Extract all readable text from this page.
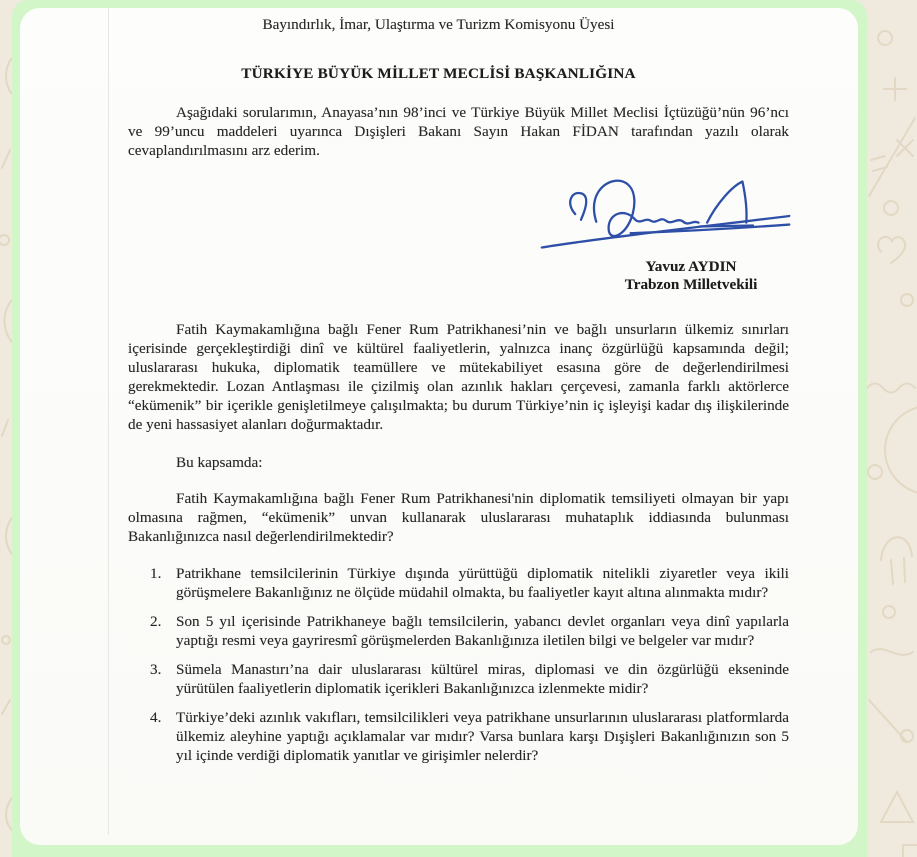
Bayındırlık, İmar, Ulaştırma ve Turizm Komisyonu Üyesi
TÜRKİYE BÜYÜK MİLLET MECLİSİ BAŞKANLIĞINA

Aşağıdaki sorularımın, Anayasa’nın 98’inci ve Türkiye Büyük Millet Meclisi İçtüzüğü’nün 96’ncı ve 99’uncu maddeleri uyarınca Dışişleri Bakanı Sayın Hakan FİDAN tarafından yazılı olarak cevaplandırılmasını arz ederim.

Yavuz AYDIN
Trabzon Milletvekili

Fatih Kaymakamlığına bağlı Fener Rum Patrikhanesi’nin ve bağlı unsurların ülkemiz sınırları içerisinde gerçekleştirdiği dinî ve kültürel faaliyetlerin, yalnızca inanç özgürlüğü kapsamında değil; uluslararası hukuka, diplomatik teamüllere ve mütekabiliyet esasına göre de değerlendirilmesi gerekmektedir. Lozan Antlaşması ile çizilmiş olan azınlık hakları çerçevesi, zamanla farklı aktörlerce “ekümenik” bir içerikle genişletilmeye çalışılmakta; bu durum Türkiye’nin iç işleyişi kadar dış ilişkilerinde de yeni hassasiyet alanları doğurmaktadır.

Bu kapsamda:

Fatih Kaymakamlığına bağlı Fener Rum Patrikhanesi'nin diplomatik temsiliyeti olmayan bir yapı olmasına rağmen, “ekümenik” unvan kullanarak uluslararası muhataplık iddiasında bulunması Bakanlığınızca nasıl değerlendirilmektedir?

1. Patrikhane temsilcilerinin Türkiye dışında yürüttüğü diplomatik nitelikli ziyaretler veya ikili görüşmelere Bakanlığınız ne ölçüde müdahil olmakta, bu faaliyetler kayıt altına alınmakta mıdır?
2. Son 5 yıl içerisinde Patrikhaneye bağlı temsilcilerin, yabancı devlet organları veya dinî yapılarla yaptığı resmi veya gayriresmî görüşmelerden Bakanlığınıza iletilen bilgi ve belgeler var mıdır?
3. Sümela Manastırı’na dair uluslararası kültürel miras, diplomasi ve din özgürlüğü ekseninde yürütülen faaliyetlerin diplomatik içerikleri Bakanlığınızca izlenmekte midir?
4. Türkiye’deki azınlık vakıfları, temsilcilikleri veya patrikhane unsurlarının uluslararası platformlarda ülkemiz aleyhine yaptığı açıklamalar var mıdır? Varsa bunlara karşı Dışişleri Bakanlığınızın son 5 yıl içinde verdiği diplomatik yanıtlar ve girişimler nelerdir?
